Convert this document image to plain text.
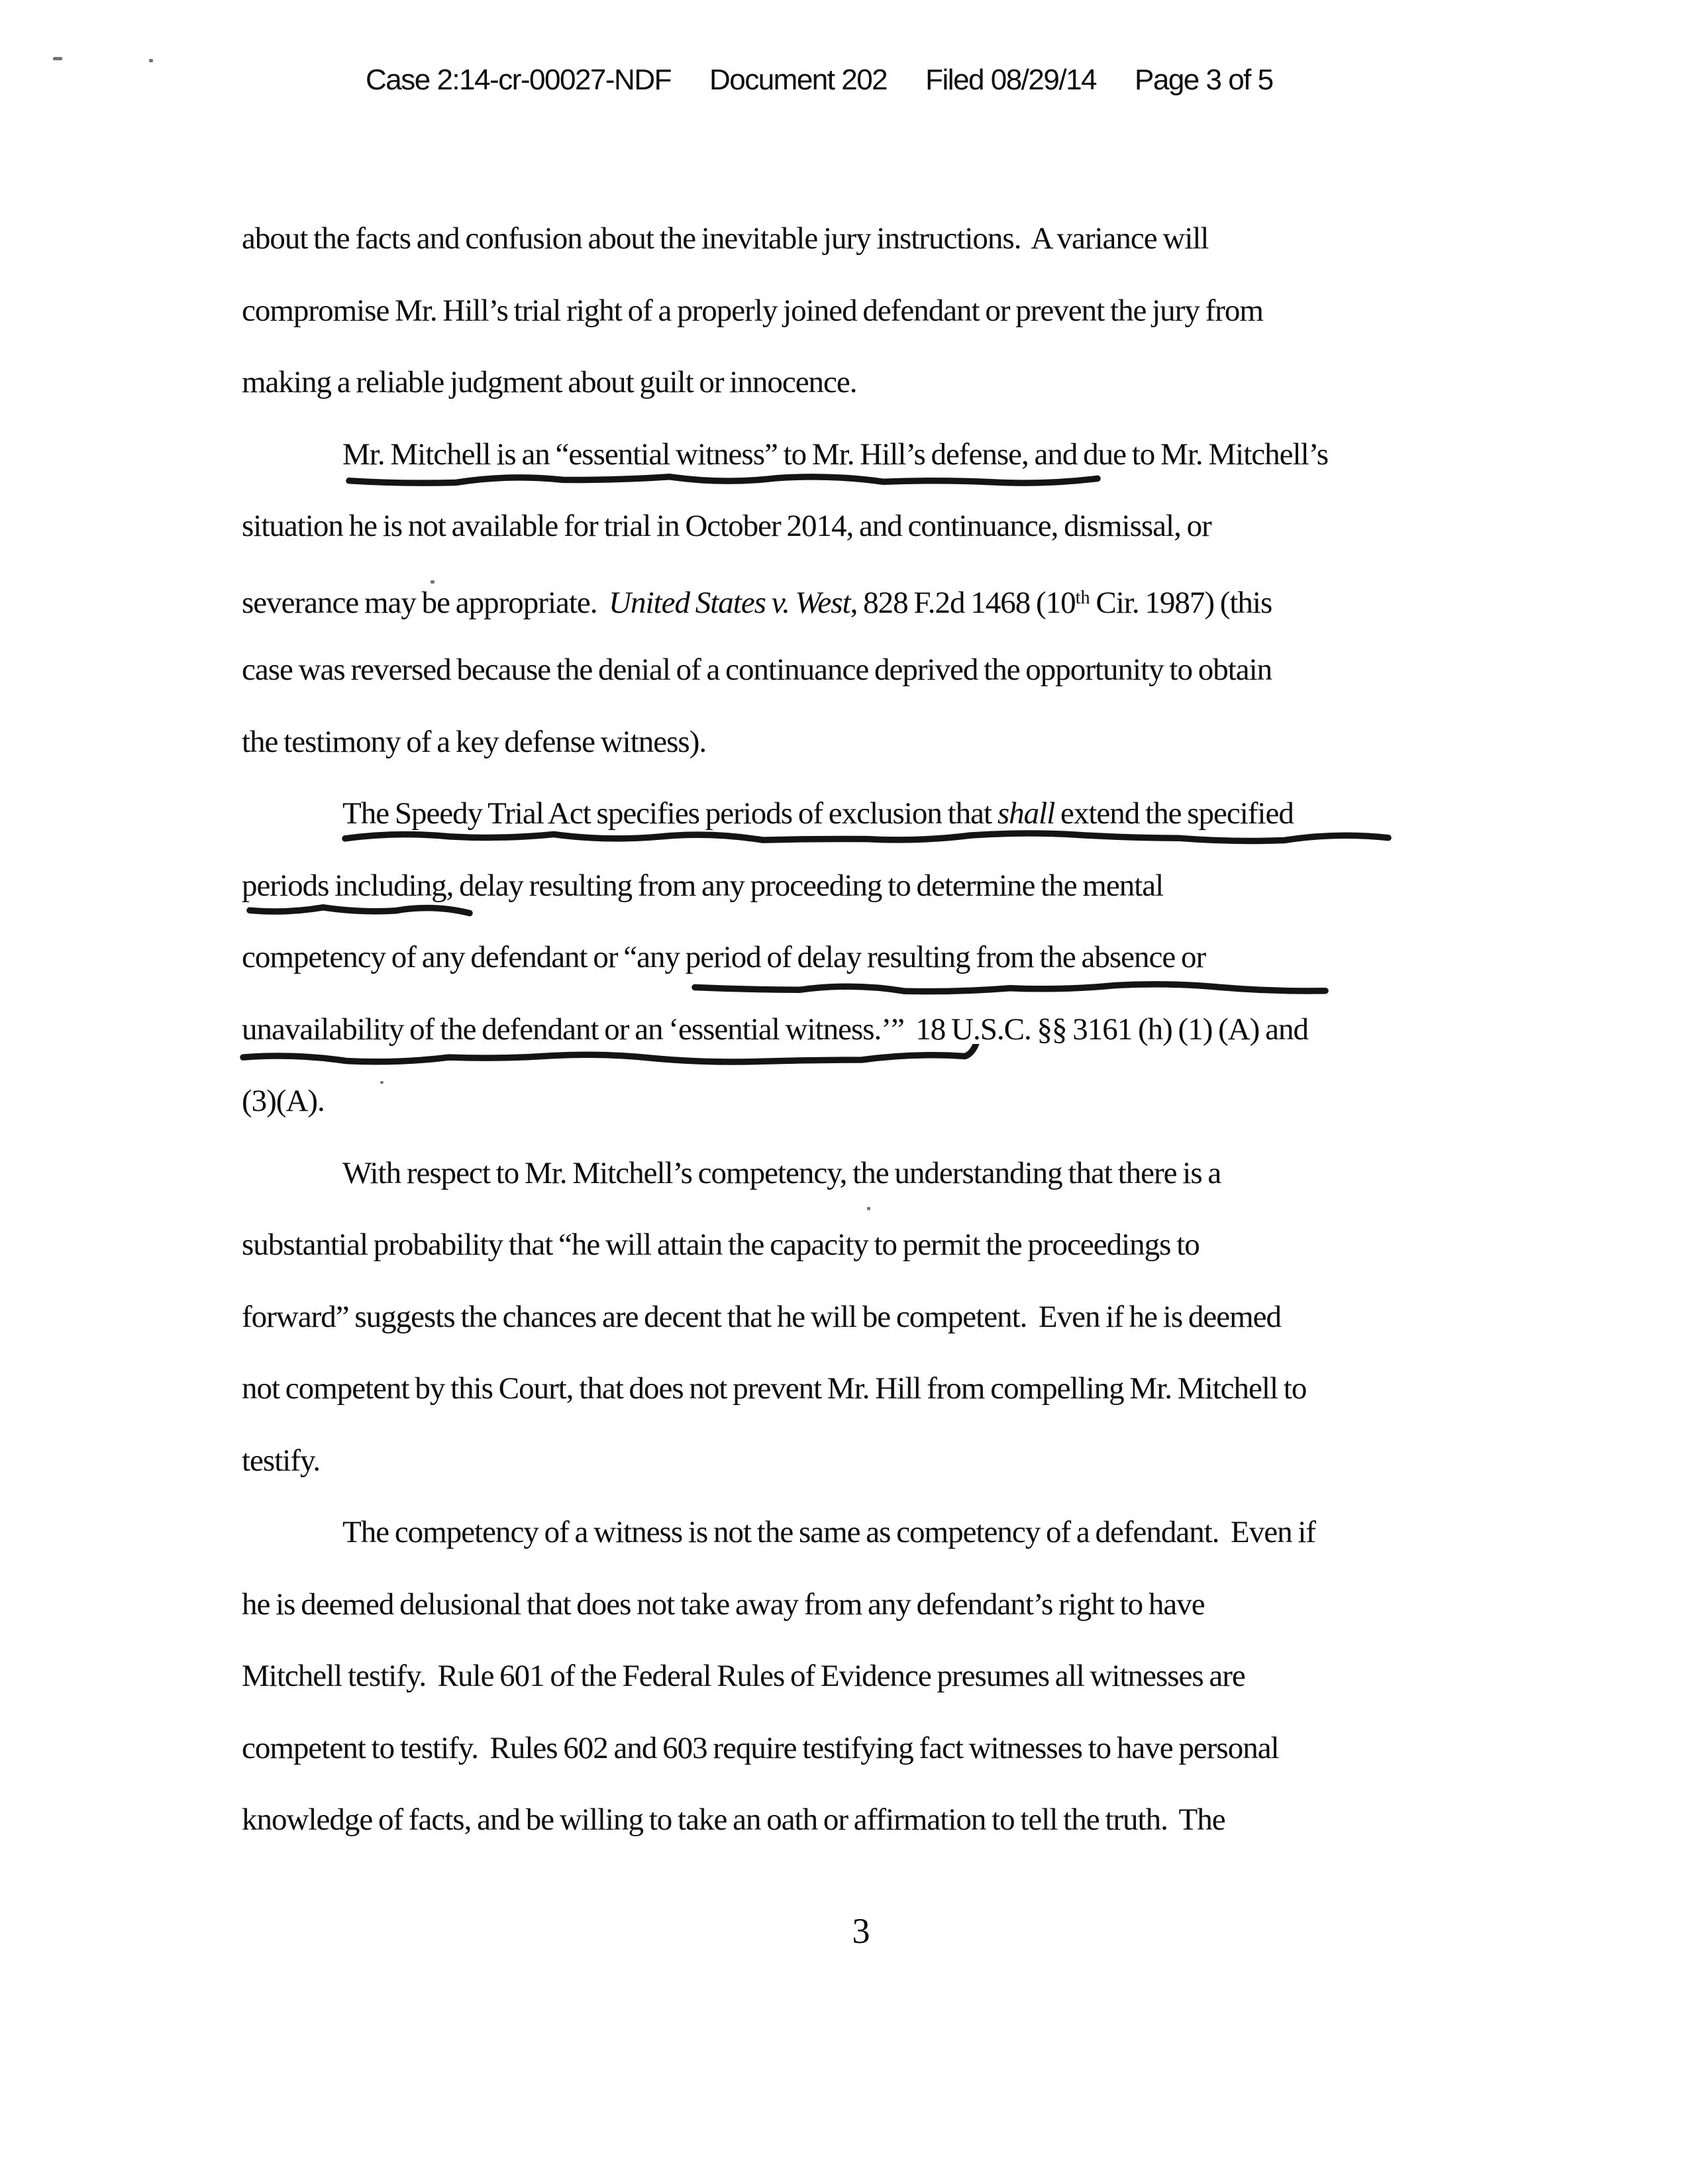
Case 2:14-cr-00027-NDF Document 202 Filed 08/29/14 Page 3 of 5
about the facts and confusion about the inevitable jury instructions.  A variance will
compromise Mr. Hill’s trial right of a properly joined defendant or prevent the jury from
making a reliable judgment about guilt or innocence.
Mr. Mitchell is an “essential witness” to Mr. Hill’s defense, and due to Mr. Mitchell’s
situation he is not available for trial in October 2014, and continuance, dismissal, or
severance may be appropriate.  United States v. West, 828 F.2d 1468 (10th Cir. 1987) (this
case was reversed because the denial of a continuance deprived the opportunity to obtain
the testimony of a key defense witness).
The Speedy Trial Act specifies periods of exclusion that shall extend the specified
periods including, delay resulting from any proceeding to determine the mental
competency of any defendant or “any period of delay resulting from the absence or
unavailability of the defendant or an ‘essential witness.’”  18 U.S.C. §§ 3161 (h) (1) (A) and
(3)(A).
With respect to Mr. Mitchell’s competency, the understanding that there is a
substantial probability that “he will attain the capacity to permit the proceedings to
forward” suggests the chances are decent that he will be competent.  Even if he is deemed
not competent by this Court, that does not prevent Mr. Hill from compelling Mr. Mitchell to
testify.
The competency of a witness is not the same as competency of a defendant.  Even if
he is deemed delusional that does not take away from any defendant’s right to have
Mitchell testify.  Rule 601 of the Federal Rules of Evidence presumes all witnesses are
competent to testify.  Rules 602 and 603 require testifying fact witnesses to have personal
knowledge of facts, and be willing to take an oath or affirmation to tell the truth.  The
3
